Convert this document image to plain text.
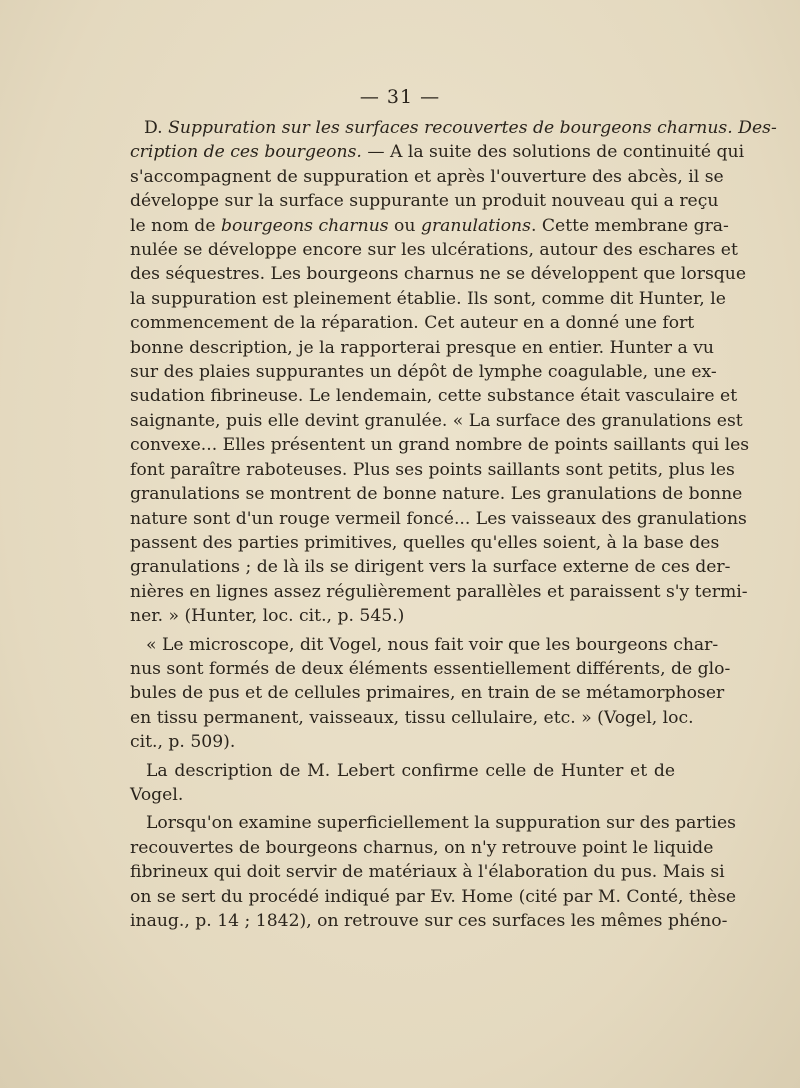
— 31 —
D. Suppuration sur les surfaces recouvertes de bourgeons charnus. Des-
cription de ces bourgeons. — A la suite des solutions de continuité qui
s'accompagnent de suppuration et après l'ouverture des abcès, il se
développe sur la surface suppurante un produit nouveau qui a reçu
le nom de bourgeons charnus ou granulations. Cette membrane gra-
nulée se développe encore sur les ulcérations, autour des eschares et
des séquestres. Les bourgeons charnus ne se développent que lorsque
la suppuration est pleinement établie. Ils sont, comme dit Hunter, le
commencement de la réparation. Cet auteur en a donné une fort
bonne description, je la rapporterai presque en entier. Hunter a vu
sur des plaies suppurantes un dépôt de lymphe coagulable, une ex-
sudation fibrineuse. Le lendemain, cette substance était vasculaire et
saignante, puis elle devint granulée. « La surface des granulations est
convexe... Elles présentent un grand nombre de points saillants qui les
font paraître raboteuses. Plus ses points saillants sont petits, plus les
granulations se montrent de bonne nature. Les granulations de bonne
nature sont d'un rouge vermeil foncé... Les vaisseaux des granulations
passent des parties primitives, quelles qu'elles soient, à la base des
granulations ; de là ils se dirigent vers la surface externe de ces der-
nières en lignes assez régulièrement parallèles et paraissent s'y termi-
ner. » (Hunter, loc. cit., p. 545.)
« Le microscope, dit Vogel, nous fait voir que les bourgeons char-
nus sont formés de deux éléments essentiellement différents, de glo-
bules de pus et de cellules primaires, en train de se métamorphoser
en tissu permanent, vaisseaux, tissu cellulaire, etc. » (Vogel, loc.
cit., p. 509).
La description de M. Lebert confirme celle de Hunter et de
Vogel.
Lorsqu'on examine superficiellement la suppuration sur des parties
recouvertes de bourgeons charnus, on n'y retrouve point le liquide
fibrineux qui doit servir de matériaux à l'élaboration du pus. Mais si
on se sert du procédé indiqué par Ev. Home (cité par M. Conté, thèse
inaug., p. 14 ; 1842), on retrouve sur ces surfaces les mêmes phéno-
